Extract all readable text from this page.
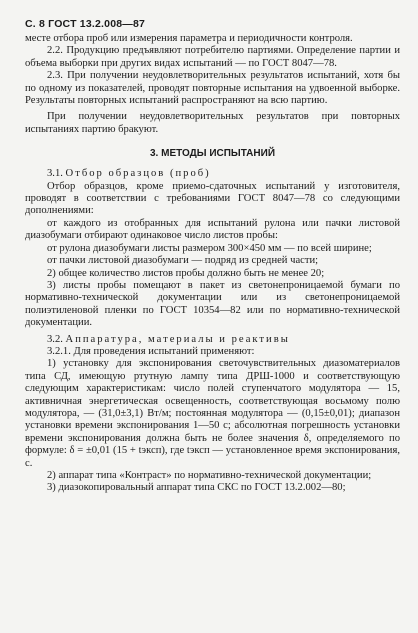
С. 8 ГОСТ 13.2.008—87

месте отбора проб или измерения параметра и периодичности контроля.

2.2. Продукцию предъявляют потребителю партиями. Определение партии и объема выборки при других видах испытаний — по ГОСТ 8047—78.

2.3. При получении неудовлетворительных результатов испытаний, хотя бы по одному из показателей, проводят повторные испытания на удвоенной выборке. Результаты повторных испытаний распространяют на всю партию.

При получении неудовлетворительных результатов при повторных испытаниях партию бракуют.

3. МЕТОДЫ ИСПЫТАНИЙ

3.1. Отбор образцов (проб)

Отбор образцов, кроме приемо-сдаточных испытаний у изготовителя, проводят в соответствии с требованиями ГОСТ 8047—78 со следующими дополнениями:

от каждого из отобранных для испытаний рулона или пачки листовой диазобумаги отбирают одинаковое число листов пробы:

от рулона диазобумаги листы размером 300×450 мм — по всей ширине;

от пачки листовой диазобумаги — подряд из средней части;

2) общее количество листов пробы должно быть не менее 20;

3) листы пробы помещают в пакет из светонепроницаемой бумаги по нормативно-технической документации или из светонепроницаемой полиэтиленовой пленки по ГОСТ 10354—82 или по нормативно-технической документации.

3.2. Аппаратура, материалы и реактивы

3.2.1. Для проведения испытаний применяют:

1) установку для экспонирования светочувствительных диазоматериалов типа СД, имеющую ртутную лампу типа ДРШ-1000 и соответствующую следующим характеристикам: число полей ступенчатого модулятора — 15, активничная энергетическая освещенность, соответствующая восьмому полю модулятора, — (31,0±3,1) Вт/м; постоянная модулятора — (0,15±0,01); диапазон установки времени экспонирования 1—50 с; абсолютная погрешность установки времени экспонирования должна быть не более значения δ, определяемого по формуле: δ = ±0,01 (15 + tэксп), где tэксп — установленное время экспонирования, с.

2) аппарат типа «Контраст» по нормативно-технической документации;

3) диазокопировальный аппарат типа СКС по ГОСТ 13.2.002—80;
